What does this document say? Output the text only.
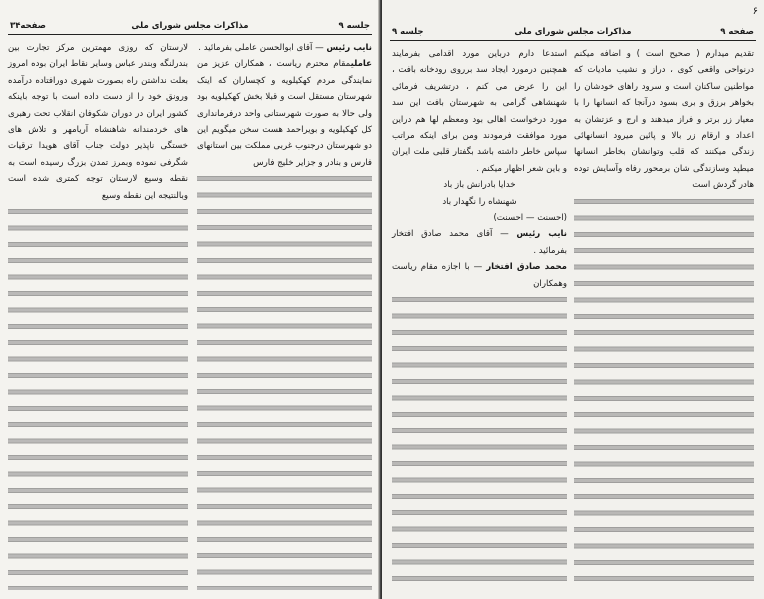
جلسه ۹
مذاکرات مجلس شورای ملی
صفحه۳۴

نایب رئیس — آقای ابوالحسن عاملی بفرمائید .

عاملیمقام محترم ریاست ، همکاران عزیز من نمایندگی مردم کهکیلویه و کچساران که اینک شهرستان مستقل است و قبلا بخش کهکیلویه بود ولی حالا به صورت شهرستانی واحد درفرمانداری کل کهکیلویه و بویراحمد هست سخن میگویم این دو شهرستان درجنوب غربی مملکت بین استانهای فارس و بنادر و جزایر خلیج فارس

لارستان که روزی مهمترین مرکز تجارت بین بندرلنگه وبندر عباس وسایر نقاط ایران بوده امروز بعلت نداشتن راه بصورت شهری دورافتاده درآمده ورونق خود را از دست داده است با توجه باینکه کشور ایران در دوران شکوفان انقلاب تحت رهبری های خردمندانه شاهنشاه آریامهر و تلاش های خستگی ناپذیر دولت جناب آقای هویدا ترقیات شگرفی نموده وبمرز تمدن بزرگ رسیده است به نقطه وسیع لارستان توجه کمتری شده است وبالنتیجه این نقطه وسیع

۶
صفحه ۹
مذاکرات مجلس شورای ملی
جلسه ۹

تقدیم میدارم ( صحیح است ) و اضافه میکنم درنواحی واقعی کوی ، دراز و نشیب مادیات که مواطنین ساکنان است و سرود راهای خودشان را بخواهر برزق و بری بسود درآنجا که انسانها را با معیار زر برتر و فراز میدهند و ارج و عزتشان به اعداد و ارقام زر بالا و پائین میرود انسانهائی زندگی میکنند که قلب وتوانشان بخاطر انسانها میطپد وسازندگی شان برمحور رفاه وآسایش توده هادر گردش است

استدعا دارم درباین مورد اقدامی بفرمایند همچنین درمورد ایجاد سد برروی رودخانه بافت ، این را عرض می کنم ، درتشریف فرمائی شهنشاهی گرامی به شهرستان بافت این سد مورد درخواست اهالی بود ومعظم لها هم دراین مورد موافقت فرمودند ومن برای اینکه مراتب سپاس خاطر داشته باشد بگفتار قلبی ملت ایران و باین شعر اظهار میکنم .

خدایا بادرانش باز باد

شهنشاه را نگهدار باد

(احسنت — احسنت)

نایب رئیس — آقای محمد صادق افتخار بفرمائید .

محمد صادق افتخار — با اجازه مقام ریاست وهمکاران
